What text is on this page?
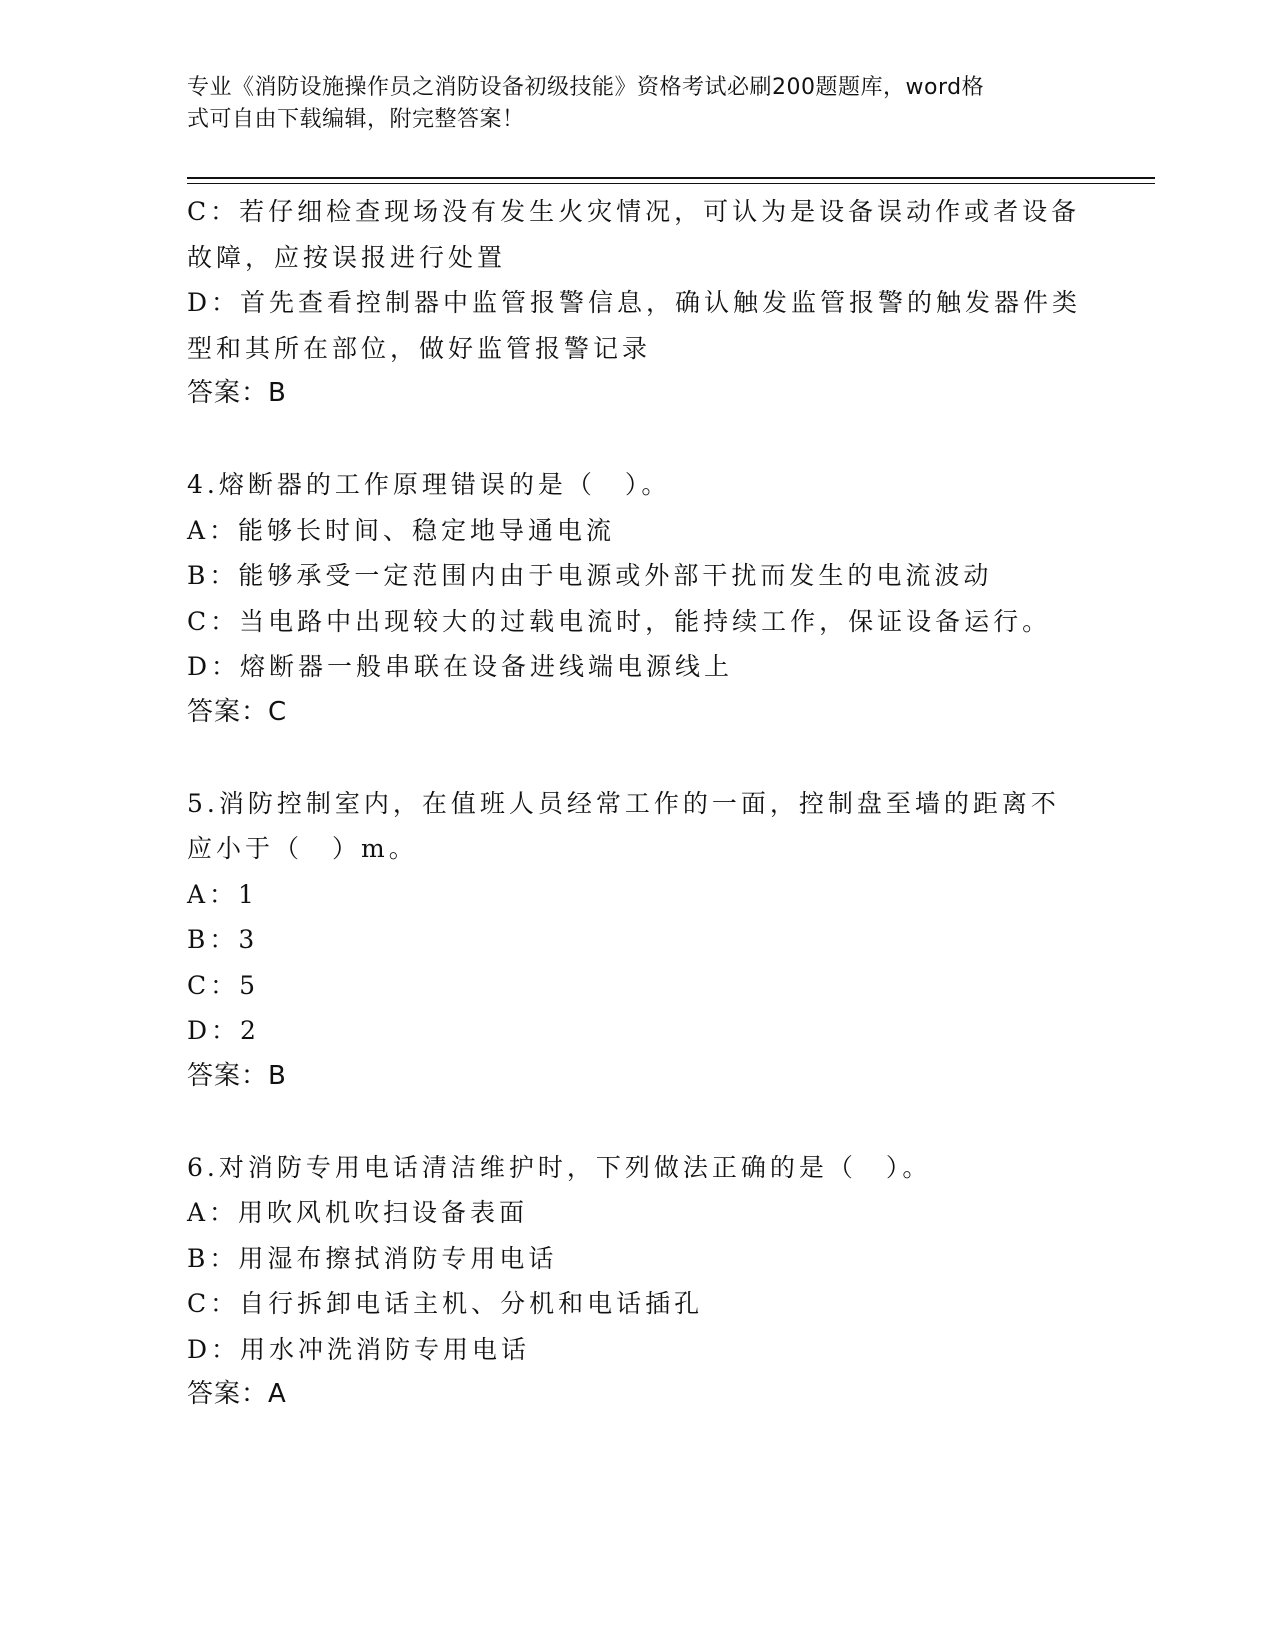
专业《消防设施操作员之消防设备初级技能》资格考试必刷200题题库，word格
式可自由下载编辑，附完整答案！

C：若仔细检查现场没有发生火灾情况，可认为是设备误动作或者设备

故障，应按误报进行处置

D：首先查看控制器中监管报警信息，确认触发监管报警的触发器件类

型和其所在部位，做好监管报警记录

答案：B

4.熔断器的工作原理错误的是（　）。

A：能够长时间、稳定地导通电流

B：能够承受一定范围内由于电源或外部干扰而发生的电流波动

C：当电路中出现较大的过载电流时，能持续工作，保证设备运行。

D：熔断器一般串联在设备进线端电源线上

答案：C

5.消防控制室内，在值班人员经常工作的一面，控制盘至墙的距离不

应小于（　）m。

A：1

B：3

C：5

D：2

答案：B

6.对消防专用电话清洁维护时，下列做法正确的是（　）。

A：用吹风机吹扫设备表面

B：用湿布擦拭消防专用电话

C：自行拆卸电话主机、分机和电话插孔

D：用水冲洗消防专用电话

答案：A
